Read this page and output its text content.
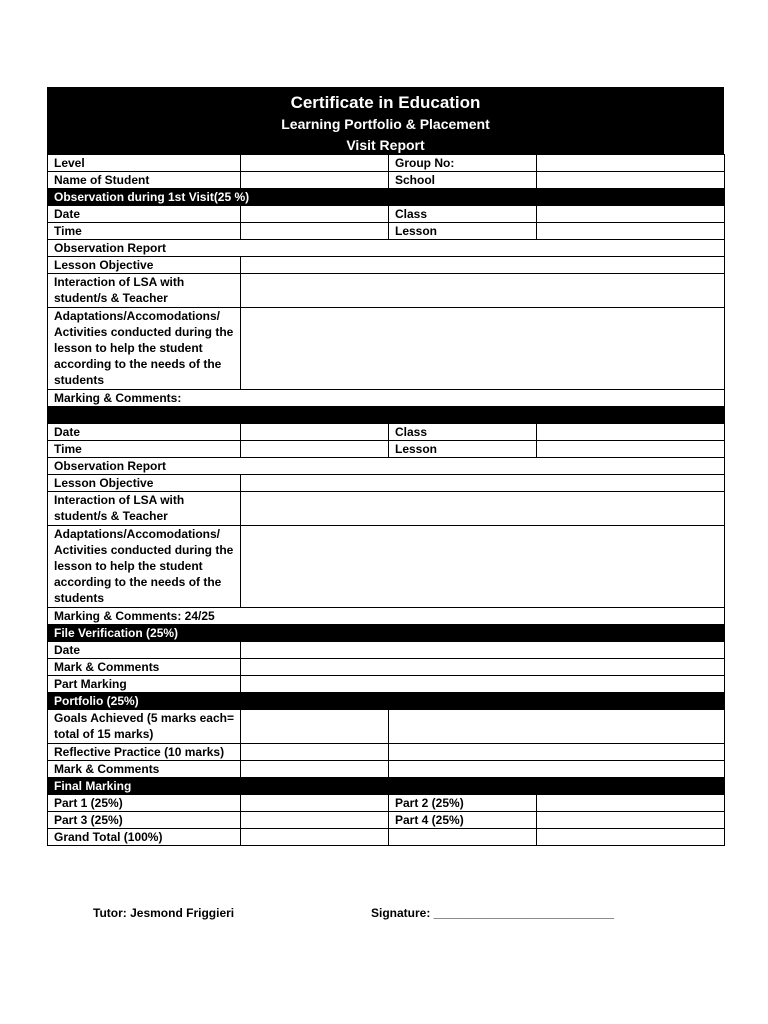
Certificate in Education
Learning Portfolio & Placement
Visit Report
Level		Group No:	
Name of Student		School	
Observation during 1st Visit(25 %)			
Date		Class	
Time		Lesson	
Observation Report			
Lesson Objective			
Interaction of LSA with student/s & Teacher			
Adaptations/Accomodations/ Activities conducted during the lesson to help the student according to the needs of the students			
Marking & Comments:			

Date		Class	
Time		Lesson	
Observation Report			
Lesson Objective			
Interaction of LSA with student/s & Teacher			
Adaptations/Accomodations/ Activities conducted during the lesson to help the student according to the needs of the students			
Marking & Comments: 24/25			
File Verification (25%)			
Date			
Mark & Comments			
Part Marking			
Portfolio (25%)			
Goals Achieved (5 marks each= total of 15 marks)			
Reflective Practice (10 marks)			
Mark & Comments			
Final Marking			
Part 1 (25%)		Part 2 (25%)	
Part 3 (25%)		Part 4 (25%)	
Grand Total (100%)			
Tutor: Jesmond Friggieri	Signature: ___________________________
